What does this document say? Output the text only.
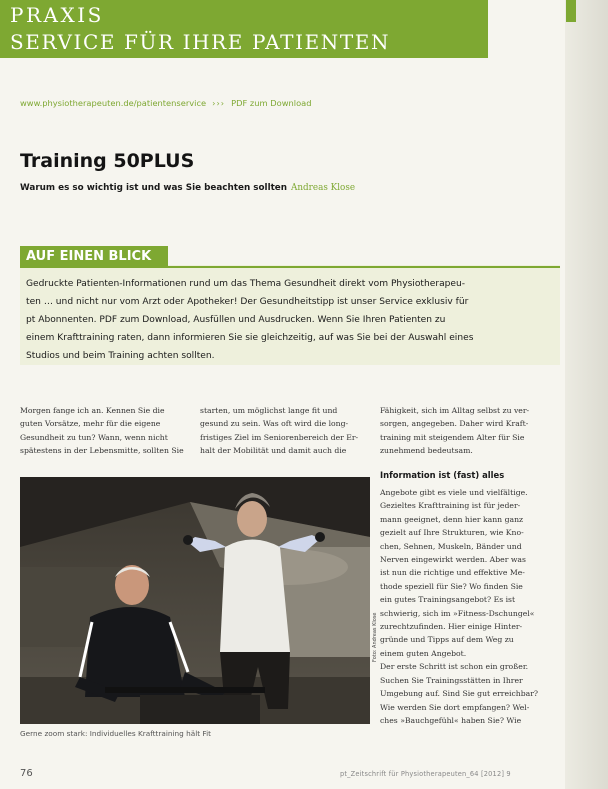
PRAXIS
SERVICE FÜR IHRE PATIENTEN
www.physiotherapeuten.de/patientenservice ››› PDF zum Download
Training 50PLUS
Warum es so wichtig ist und was Sie beachten sollten Andreas Klose
AUF EINEN BLICK

Gedruckte Patienten-Informationen rund um das Thema Gesundheit direkt vom Physiotherapeu-

ten … und nicht nur vom Arzt oder Apotheker! Der Gesundheitstipp ist unser Service exklusiv für

pt Abonnenten. PDF zum Download, Ausfüllen und Ausdrucken. Wenn Sie Ihren Patienten zu

einem Krafttraining raten, dann informieren Sie sie gleichzeitig, auf was Sie bei der Auswahl eines

Studios und beim Training achten sollten.

Morgen fange ich an. Kennen Sie die

guten Vorsätze, mehr für die eigene

Gesundheit zu tun? Wann, wenn nicht

spätestens in der Lebensmitte, sollten Sie

starten, um möglichst lange fit und

gesund zu sein. Was oft wird die long-

fristiges Ziel im Seniorenbereich der Er-

halt der Mobilität und damit auch die

Fähigkeit, sich im Alltag selbst zu ver-

sorgen, angegeben. Daher wird Kraft-

training mit steigendem Alter für Sie

zunehmend bedeutsam.

Information ist (fast) alles

Angebote gibt es viele und vielfältige.

Gezieltes Krafttraining ist für jeder-

mann geeignet, denn hier kann ganz

gezielt auf Ihre Strukturen, wie Kno-

chen, Sehnen, Muskeln, Bänder und

Nerven eingewirkt werden. Aber was

ist nun die richtige und effektive Me-

thode speziell für Sie? Wo finden Sie

ein gutes Trainingsangebot? Es ist

schwierig, sich im »Fitness-Dschungel«

zurechtzufinden. Hier einige Hinter-

gründe und Tipps auf dem Weg zu

einem guten Angebot.

Der erste Schritt ist schon ein großer.

Suchen Sie Trainingsstätten in Ihrer

Umgebung auf. Sind Sie gut erreichbar?

Wie werden Sie dort empfangen? Wel-

ches »Bauchgefühl« haben Sie? Wie

Foto: Andreas Klose
Gerne zoom stark: Individuelles Krafttraining hält Fit
76	pt_Zeitschrift für Physiotherapeuten_64 [2012] 9
